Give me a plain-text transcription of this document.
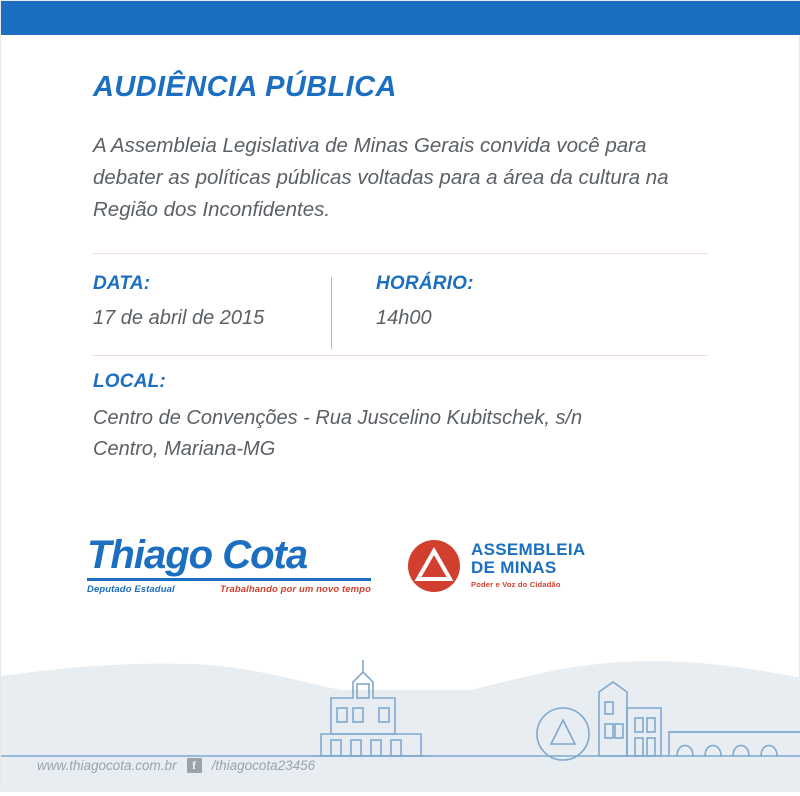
AUDIÊNCIA PÚBLICA

A Assembleia Legislativa de Minas Gerais convida você para debater as políticas públicas voltadas para a área da cultura na Região dos Inconfidentes.

DATA:
17 de abril de 2015
HORÁRIO:
14h00
LOCAL:
Centro de Convenções - Rua Juscelino Kubitschek, s/n
Centro, Mariana-MG
Thiago Cota
Deputado Estadual	Trabalhando por um novo tempo
ASSEMBLEIA
DE MINAS
Poder e Voz do Cidadão
www.thiagocota.com.br	f	/thiagocota23456
